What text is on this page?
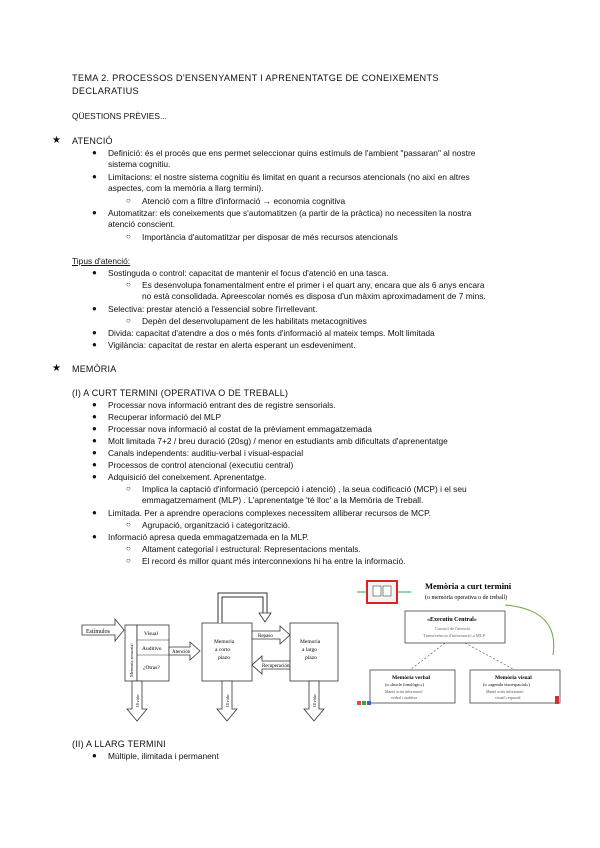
TEMA 2. PROCESSOS D'ENSENYAMENT I APRENENTATGE DE CONEIXEMENTS DECLARATIUS
QÜESTIONS PRÈVIES...
★ ATENCIÓ
● Definició: és el procés que ens permet seleccionar quins estímuls de l'ambient "passaran" al nostre
sistema cognitiu.
● Limitacions: el nostre sistema cognitiu és limitat en quant a recursos atencionals (no així en altres
aspectes, com la memòria a llarg termini).
○ Atenció com a filtre d'informació → economia cognitiva
● Automatitzar: els coneixements que s'automatitzen (a partir de la pràctica) no necessiten la nostra
atenció conscient.
○ Importància d'automatitzar per disposar de més recursos atencionals
Tipus d'atenció:
● Sostinguda o control: capacitat de mantenir el focus d'atenció en una tasca.
○ Es desenvolupa fonamentalment entre el primer i el quart any, encara que als 6 anys encara
no està consolidada. Apreescolar només es disposa d'un màxim aproximadament de 7 mins.
● Selectiva: prestar atenció a l'essencial sobre l'irrellevant.
○ Depèn del desenvolupament de les habilitats metacognitives
● Divida: capacitat d'atendre a dos o més fonts d'informació al mateix temps. Molt limitada
● Vigilància: capacitat de restar en alerta esperant un esdeveniment.
★ MEMÒRIA
(I) A CURT TERMINI (OPERATIVA O DE TREBALL)
● Processar nova informació entrant des de registre sensorials.
● Recuperar informació del MLP
● Processar nova informació al costat de la prèviament emmagatzemada
● Molt limitada 7+2 / breu duració (20sg) / menor en estudiants amb dificultats d'aprenentatge
● Canals independents: auditiu-verbal i visual-espacial
● Processos de control atencional (executiu central)
● Adquisició del coneixement. Aprenentatge.
○ Implica la captació d'informació (percepció i atenció) , la seua codificació (MCP) i el seu
emmagatzemament (MLP) . L'aprenentatge 'té lloc' a la Memòria de Treball.
● Limitada. Per a aprendre operacions complexes necessitem alliberar recursos de MCP.
○ Agrupació, organització i categorització.
● Informació apresa queda emmagatzemada en la MLP.
○ Altament categorial i estructural: Representacions mentals.
○ El record és millor quant més interconnexions hi ha entre la informació.
Estímulos
Memoria sensorial
Visual
Auditivo
¿Otras?
Atención
Memoria
a corto
plazo
Repaso
Recuperación
Memoria
a largo
plazo
Olvido	Olvido	Olvido
Memòria a curt termini
(o memòria operativa o de treball)
«Executiu Central»
Control de l'atenció
Transferència d'informació a MLP
Memòria verbal
(o «bucle fonològic»)
Manté actiu informació
verbal i auditiva
Memòria visual
(o «agenda visoespacial»)
Manté actiu informació
visual i espacial
(II) A LLARG TERMINI
● Múltiple, ilimitada i permanent
